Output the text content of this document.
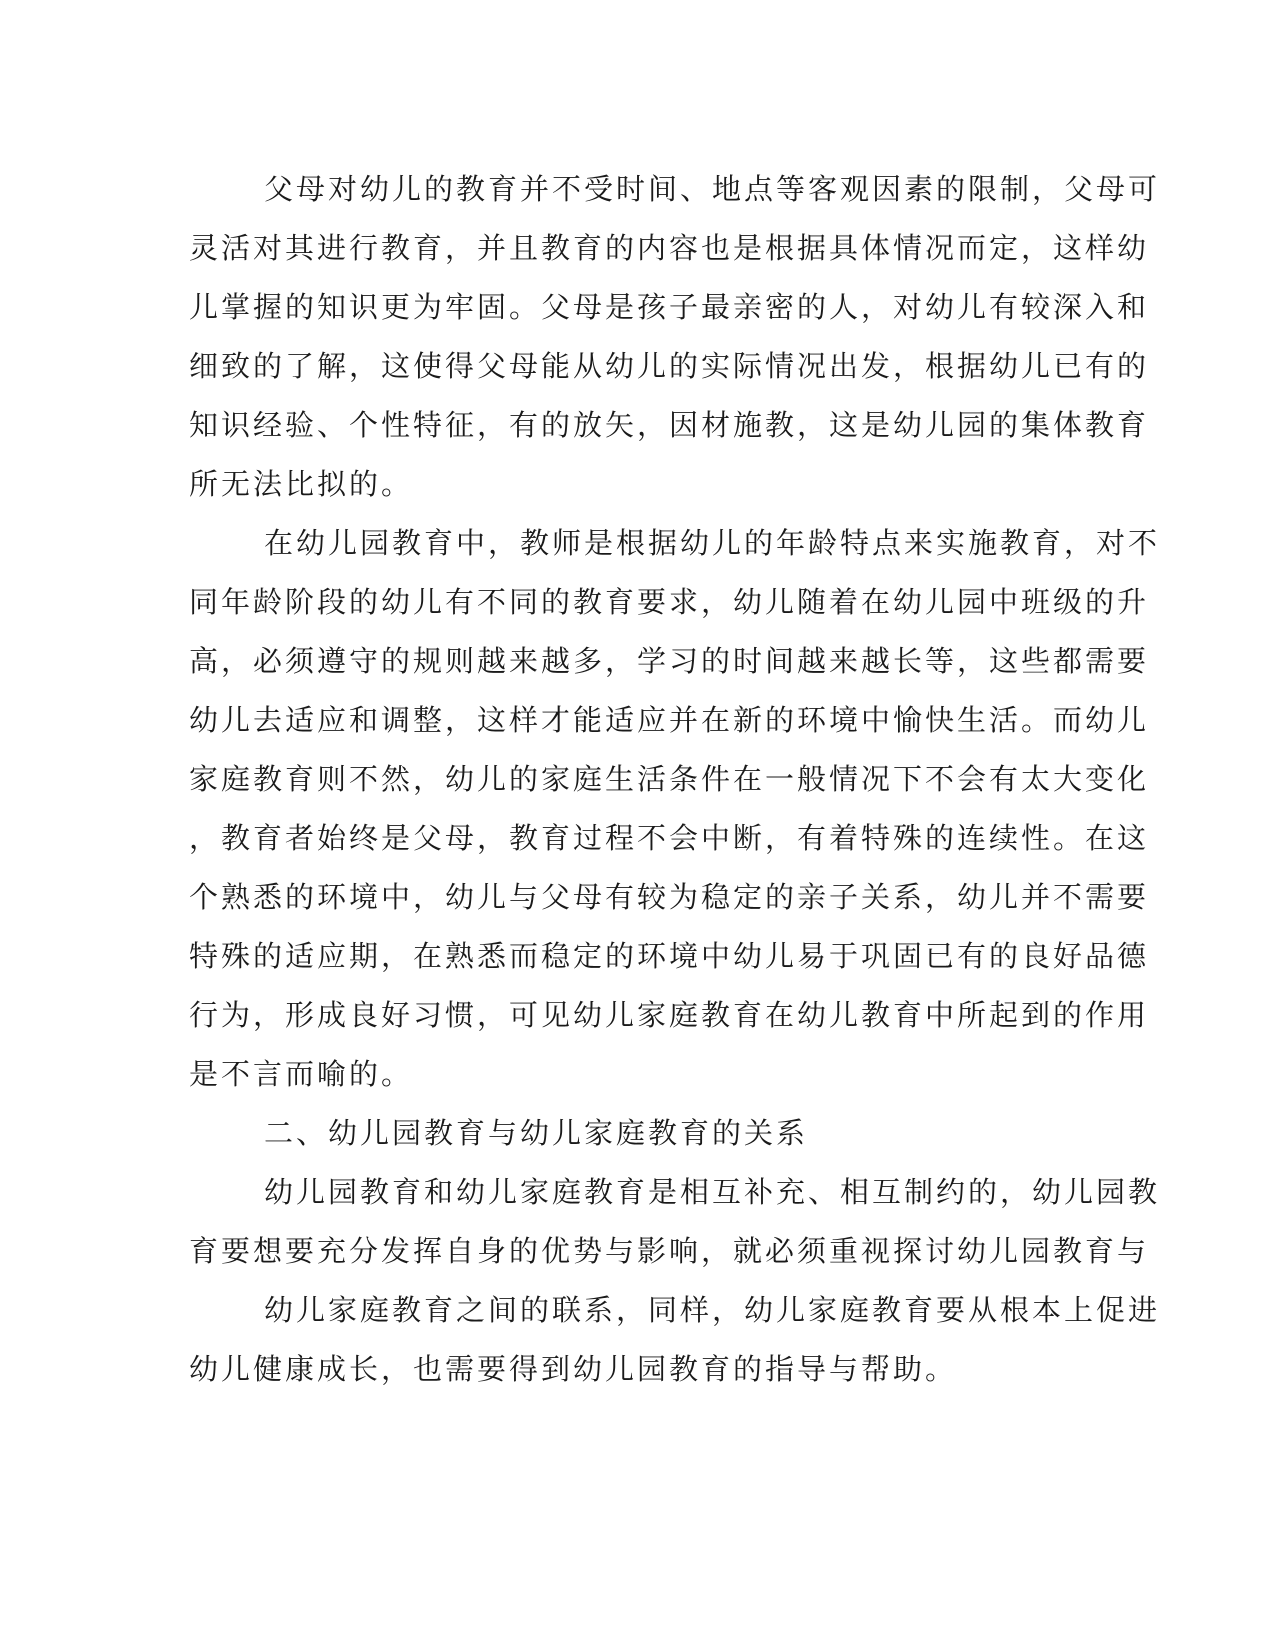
父母对幼儿的教育并不受时间、地点等客观因素的限制，父母可
灵活对其进行教育，并且教育的内容也是根据具体情况而定，这样幼
儿掌握的知识更为牢固。父母是孩子最亲密的人，对幼儿有较深入和
细致的了解，这使得父母能从幼儿的实际情况出发，根据幼儿已有的
知识经验、个性特征，有的放矢，因材施教，这是幼儿园的集体教育
所无法比拟的。
在幼儿园教育中，教师是根据幼儿的年龄特点来实施教育，对不
同年龄阶段的幼儿有不同的教育要求，幼儿随着在幼儿园中班级的升
高，必须遵守的规则越来越多，学习的时间越来越长等，这些都需要
幼儿去适应和调整，这样才能适应并在新的环境中愉快生活。而幼儿
家庭教育则不然，幼儿的家庭生活条件在一般情况下不会有太大变化
，教育者始终是父母，教育过程不会中断，有着特殊的连续性。在这
个熟悉的环境中，幼儿与父母有较为稳定的亲子关系，幼儿并不需要
特殊的适应期，在熟悉而稳定的环境中幼儿易于巩固已有的良好品德
行为，形成良好习惯，可见幼儿家庭教育在幼儿教育中所起到的作用
是不言而喻的。
二、幼儿园教育与幼儿家庭教育的关系
幼儿园教育和幼儿家庭教育是相互补充、相互制约的，幼儿园教
育要想要充分发挥自身的优势与影响，就必须重视探讨幼儿园教育与
幼儿家庭教育之间的联系，同样，幼儿家庭教育要从根本上促进
幼儿健康成长，也需要得到幼儿园教育的指导与帮助。
